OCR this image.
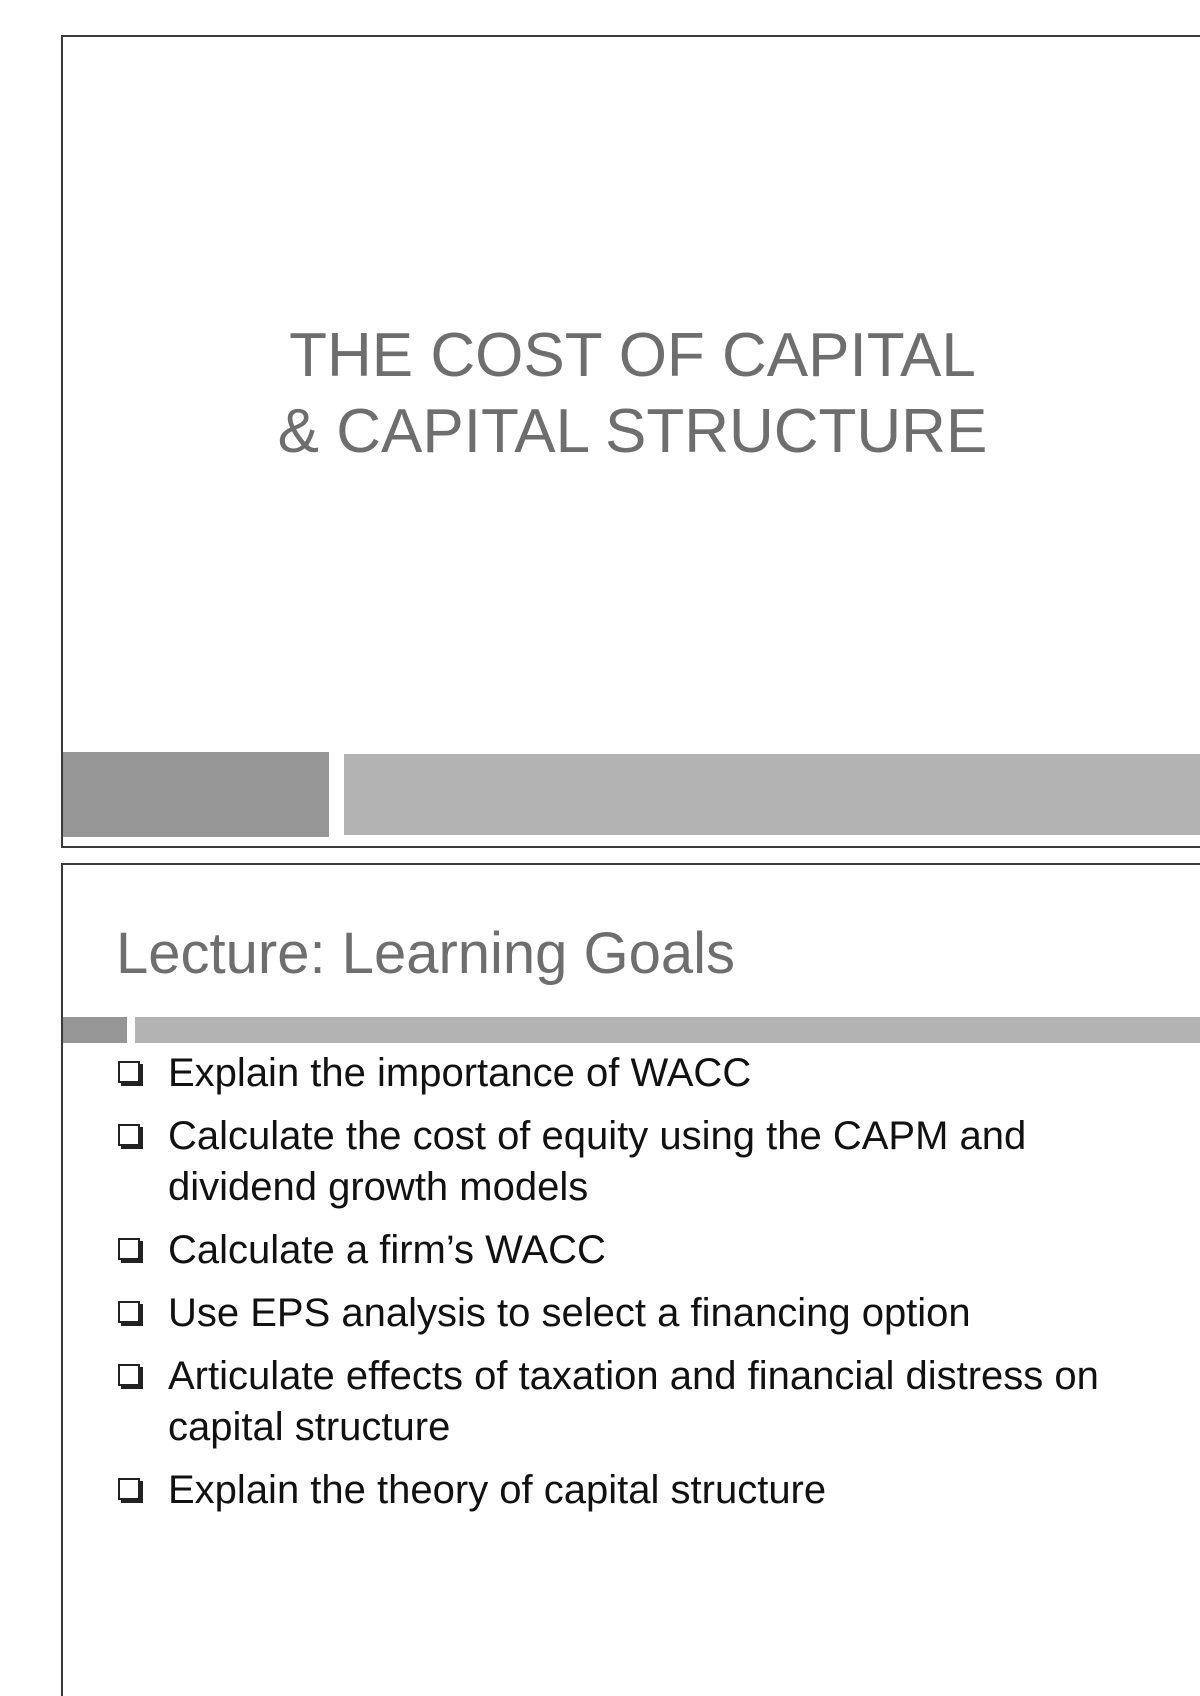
THE COST OF CAPITAL
& CAPITAL STRUCTURE
Lecture: Learning Goals
Explain the importance of WACC
Calculate the cost of equity using the CAPM and dividend growth models
Calculate a firm’s WACC
Use EPS analysis to select a financing option
Articulate effects of taxation and financial distress on capital structure
Explain the theory of capital structure
